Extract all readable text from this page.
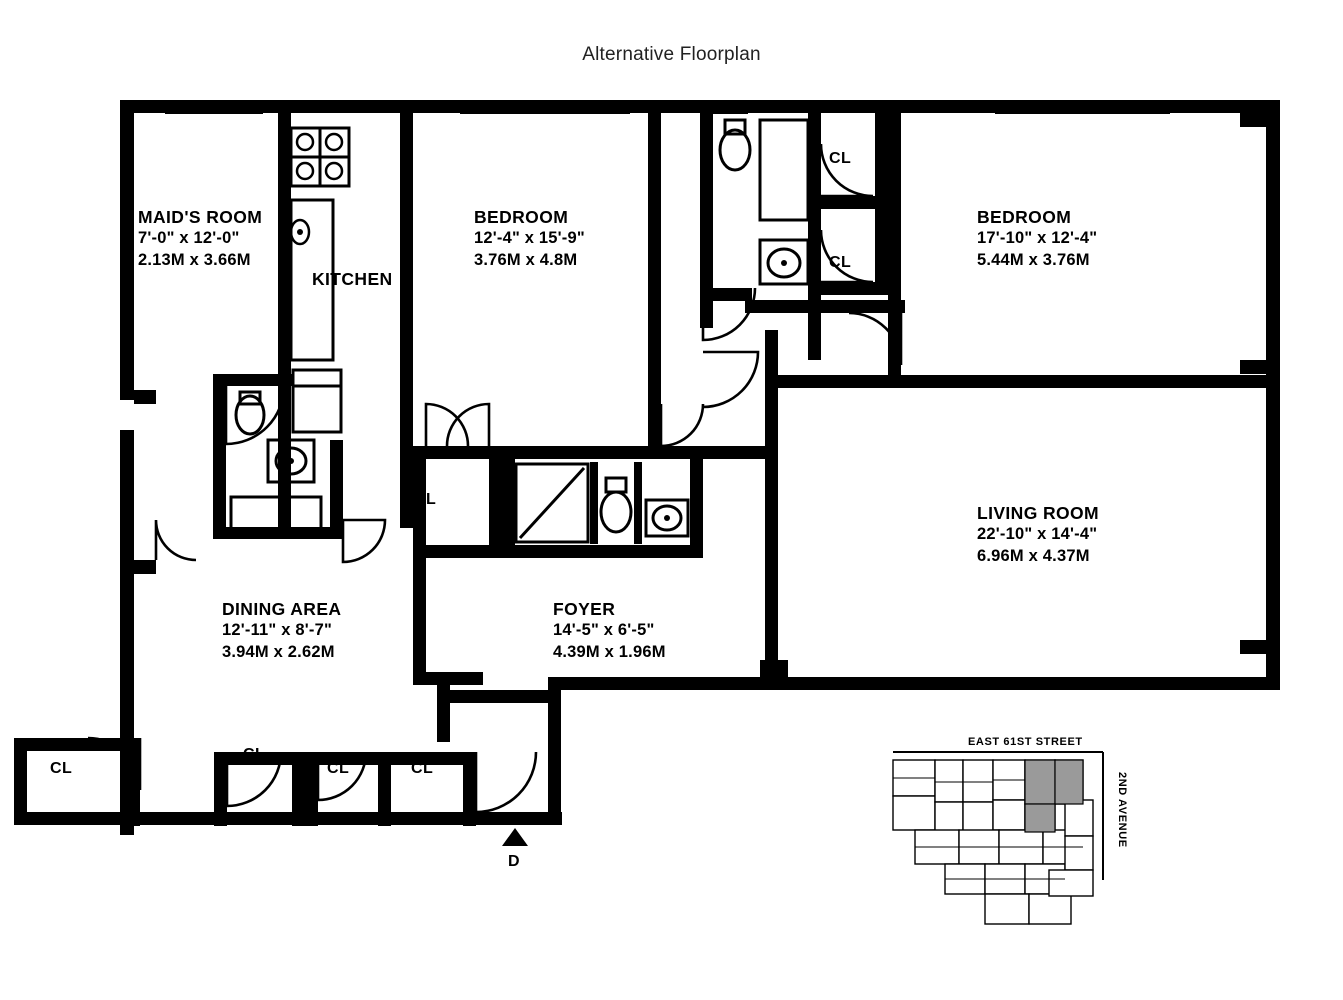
Alternative Floorplan
MAID'S ROOM
7'-0" x 12'-0"
2.13M x 3.66M
KITCHEN
BEDROOM
12'-4" x 15'-9"
3.76M x 4.8M
BEDROOM
17'-10" x 12'-4"
5.44M x 3.76M
LIVING ROOM
22'-10" x 14'-4"
6.96M x 4.37M
DINING AREA
12'-11" x 8'-7"
3.94M x 2.62M
FOYER
14'-5" x 6'-5"
4.39M x 1.96M
CL
CL
CL
CL
CL
CL	CL
D
EAST 61ST STREET
2ND AVENUE
